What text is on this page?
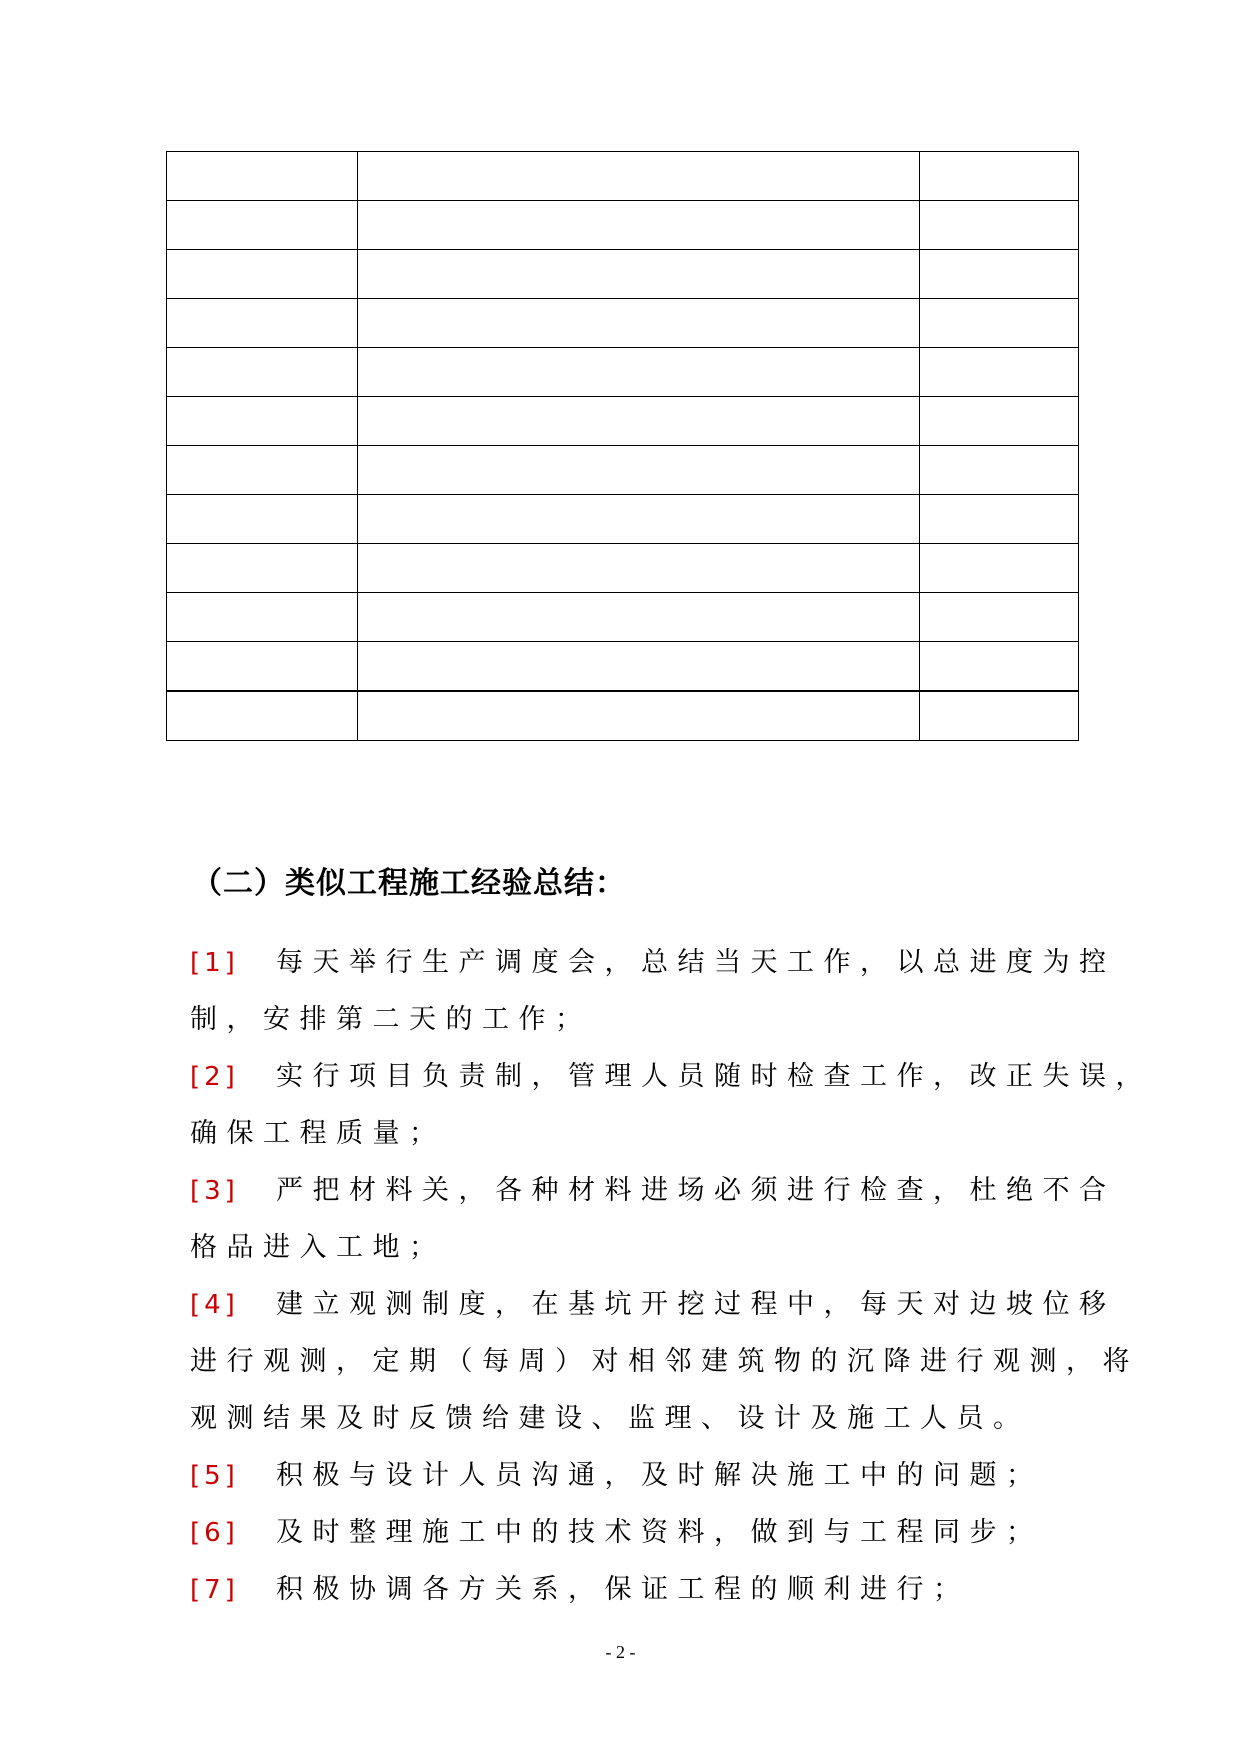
（二）类似工程施工经验总结：
[1] 每天举行生产调度会，总结当天工作，以总进度为控
制，安排第二天的工作；
[2] 实行项目负责制，管理人员随时检查工作，改正失误，
确保工程质量；
[3] 严把材料关，各种材料进场必须进行检查，杜绝不合
格品进入工地；
[4] 建立观测制度，在基坑开挖过程中，每天对边坡位移
进行观测，定期（每周）对相邻建筑物的沉降进行观测，将
观测结果及时反馈给建设、监理、设计及施工人员。
[5] 积极与设计人员沟通，及时解决施工中的问题；
[6] 及时整理施工中的技术资料，做到与工程同步；
[7] 积极协调各方关系，保证工程的顺利进行；
- 2 -
